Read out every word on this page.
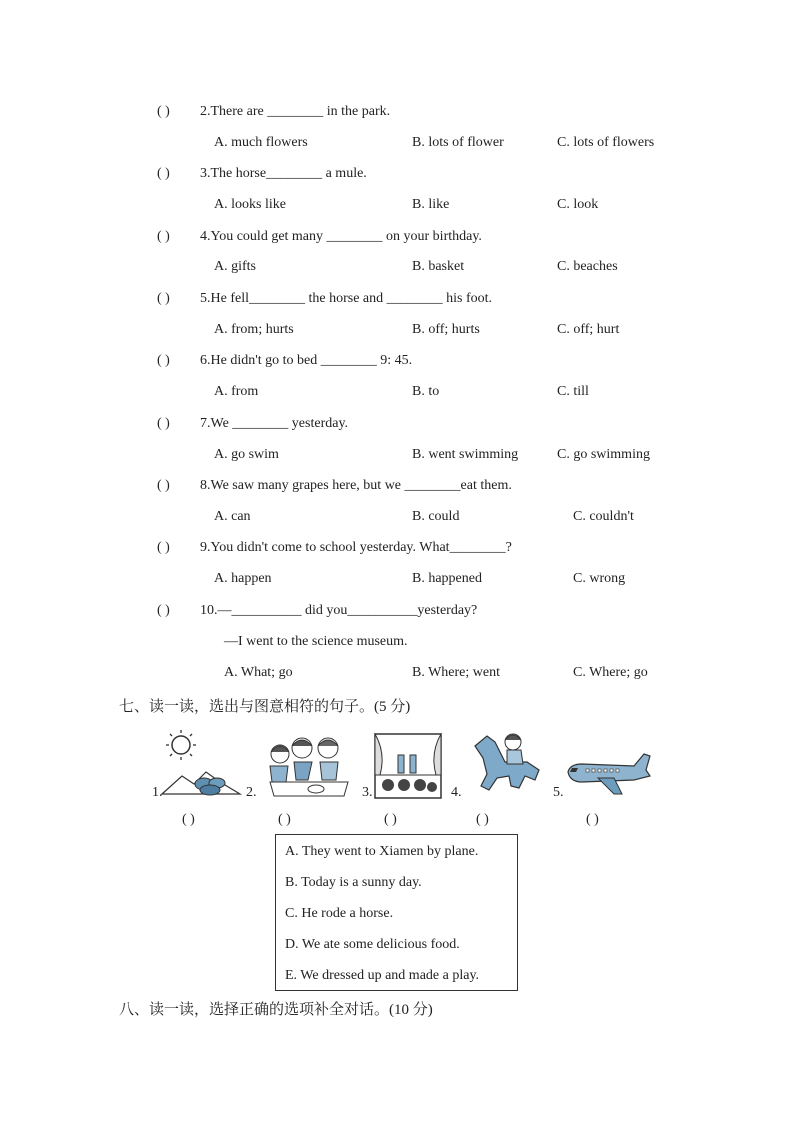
( ) 2.There are ________ in the park.
A. much flowers	B. lots of flower	C. lots of flowers
( ) 3.The horse________ a mule.
A. looks like	B. like	C. look
( ) 4.You could get many ________ on your birthday.
A. gifts	B. basket	C. beaches
( ) 5.He fell________ the horse and ________ his foot.
A. from; hurts	B. off; hurts	C. off; hurt
( ) 6.He didn't go to bed ________ 9: 45.
A. from	B. to	C. till
( ) 7.We ________ yesterday.
A. go swim	B. went swimming	C. go swimming
( ) 8.We saw many grapes here, but we ________eat them.
A. can	B. could	C. couldn't
( ) 9.You didn't come to school yesterday. What________?
A. happen	B. happened	C. wrong
( ) 10.—__________ did you__________yesterday?
—I went to the science museum.
A. What; go	B. Where; went	C. Where; go
七、读一读，选出与图意相符的句子。(5 分)
1.	2.	3.	4.	5.
( )	( )	( )	( )	( )
A. They went to Xiamen by plane.
B. Today is a sunny day.
C. He rode a horse.
D. We ate some delicious food.
E. We dressed up and made a play.
八、读一读，选择正确的选项补全对话。(10 分)
